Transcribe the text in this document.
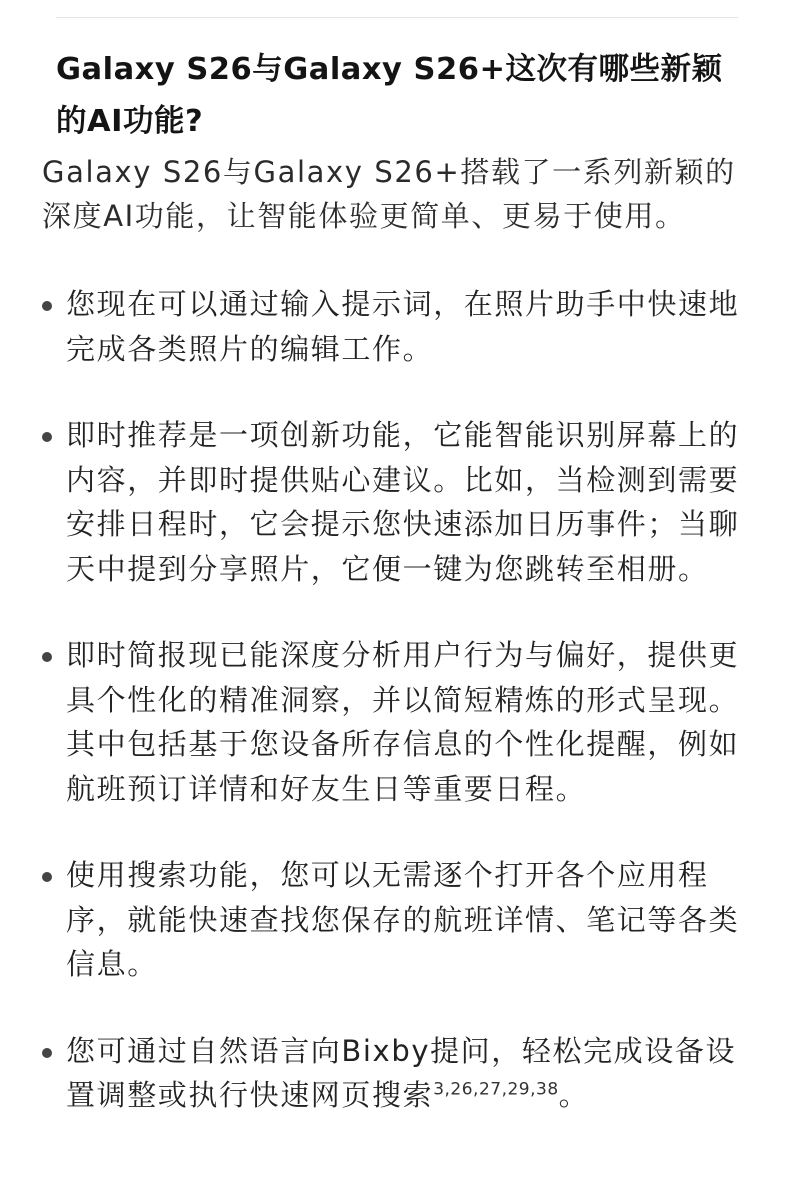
Galaxy S26与Galaxy S26+这次有哪些新颖的AI功能?

Galaxy S26与Galaxy S26+搭载了一系列新颖的深度AI功能，让智能体验更简单、更易于使用。

您现在可以通过输入提示词，在照片助手中快速地完成各类照片的编辑工作。
即时推荐是一项创新功能，它能智能识别屏幕上的内容，并即时提供贴心建议。比如，当检测到需要安排日程时，它会提示您快速添加日历事件；当聊天中提到分享照片，它便一键为您跳转至相册。
即时简报现已能深度分析用户行为与偏好，提供更具个性化的精准洞察，并以简短精炼的形式呈现。其中包括基于您设备所存信息的个性化提醒，例如航班预订详情和好友生日等重要日程。
使用搜索功能，您可以无需逐个打开各个应用程序，就能快速查找您保存的航班详情、笔记等各类信息。
您可通过自然语言向Bixby提问，轻松完成设备设置调整或执行快速网页搜索$^{3,26,27,29,38}$。
